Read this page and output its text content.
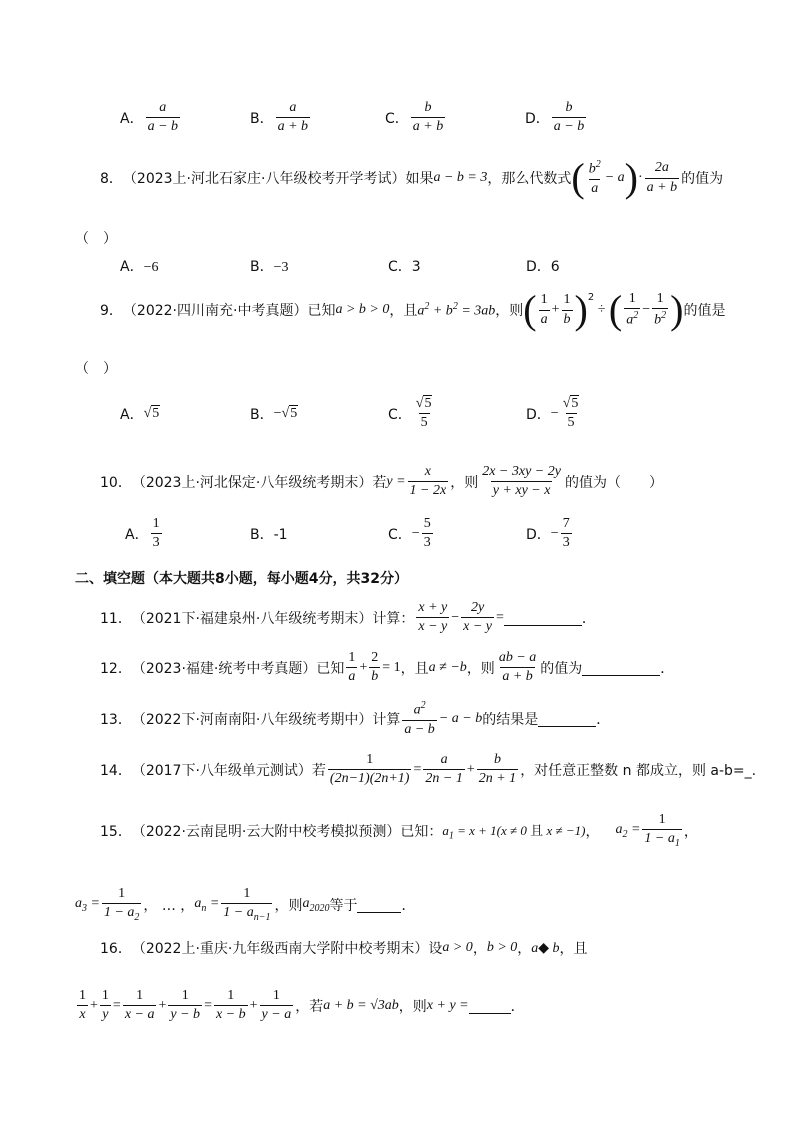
A． $\frac{a}{a - b}$	B． $\frac{a}{a + b}$	C． $\frac{b}{a + b}$	D． $\frac{b}{a - b}$
8． （2023上·河北石家庄·八年级校考开学考试）如果 a − b = 3 ，那么代数式 ( $\frac{b^2}{a} - a$ ) · $\frac{2a}{a + b}$ 的值为
（　）
A．−6	B．−3	C．3	D．6
9． （2022·四川南充·中考真题）已知 a > b > 0 ，且 $a^2 + b^2 = 3ab$ ，则 ( $\frac{1}{a} + \frac{1}{b} )^2$
÷ ( $\frac{1}{a^2} - \frac{1}{b^2}$ ) 的值是
（　）
A． √5	B． −√5	C． $\frac{√5}{5}$	D． − $\frac{√5}{5}$
10． （2023上·河北保定·八年级统考期末）若 $y = \frac{x}{1 - 2x}$ ，则 $\frac{2x - 3xy - 2y}{y + xy - x}$ 的值为（　　）
A． $\frac{1}{3}$	B．-1	C． − $\frac{5}{3}$	D． − $\frac{7}{3}$
二、填空题（本大题共8小题，每小题4分，共32分）
11． （2021下·福建泉州·八年级统考期末）计算： $\frac{x + y}{x - y} - \frac{2y}{x - y}$ =	．
12． （2023·福建·统考中考真题）已知 $\frac{1}{a} + \frac{2}{b} = 1$ ，且 a ≠ −b ，则 $\frac{ab - a}{a + b}$ 的值为	．
13． （2022下·河南南阳·八年级统考期中）计算 $\frac{a^2}{a - b} - a - b$ 的结果是	．
14． （2017下·八年级单元测试）若 $\frac{1}{(2n-1)(2n+1)} = \frac{a}{2n - 1} + \frac{b}{2n + 1}$ ，对任意正整数 n 都成立，则 a-b=_.
15． （2022·云南昆明·云大附中校考模拟预测）已知： $a_1 = x + 1(x \ne 0$ 且 x ≠ −1) ， $a_2 = \frac{1}{1 - a_1}$ ，
$a_3 = \frac{1}{1 - a_2}$ ， … ， $a_n = \frac{1}{1 - a_{n-1}}$ ，则 $a_{2020}$ 等于	．
16． （2022上·重庆·九年级西南大学附中校考期末）设 a > 0 ， b > 0 ， a◆ b ，且
$\frac{1}{x} + \frac{1}{y} = \frac{1}{x - a} + \frac{1}{y - b} = \frac{1}{x - b} + \frac{1}{y - a}$ ，若 a + b = √3ab ，则 x + y =	．
